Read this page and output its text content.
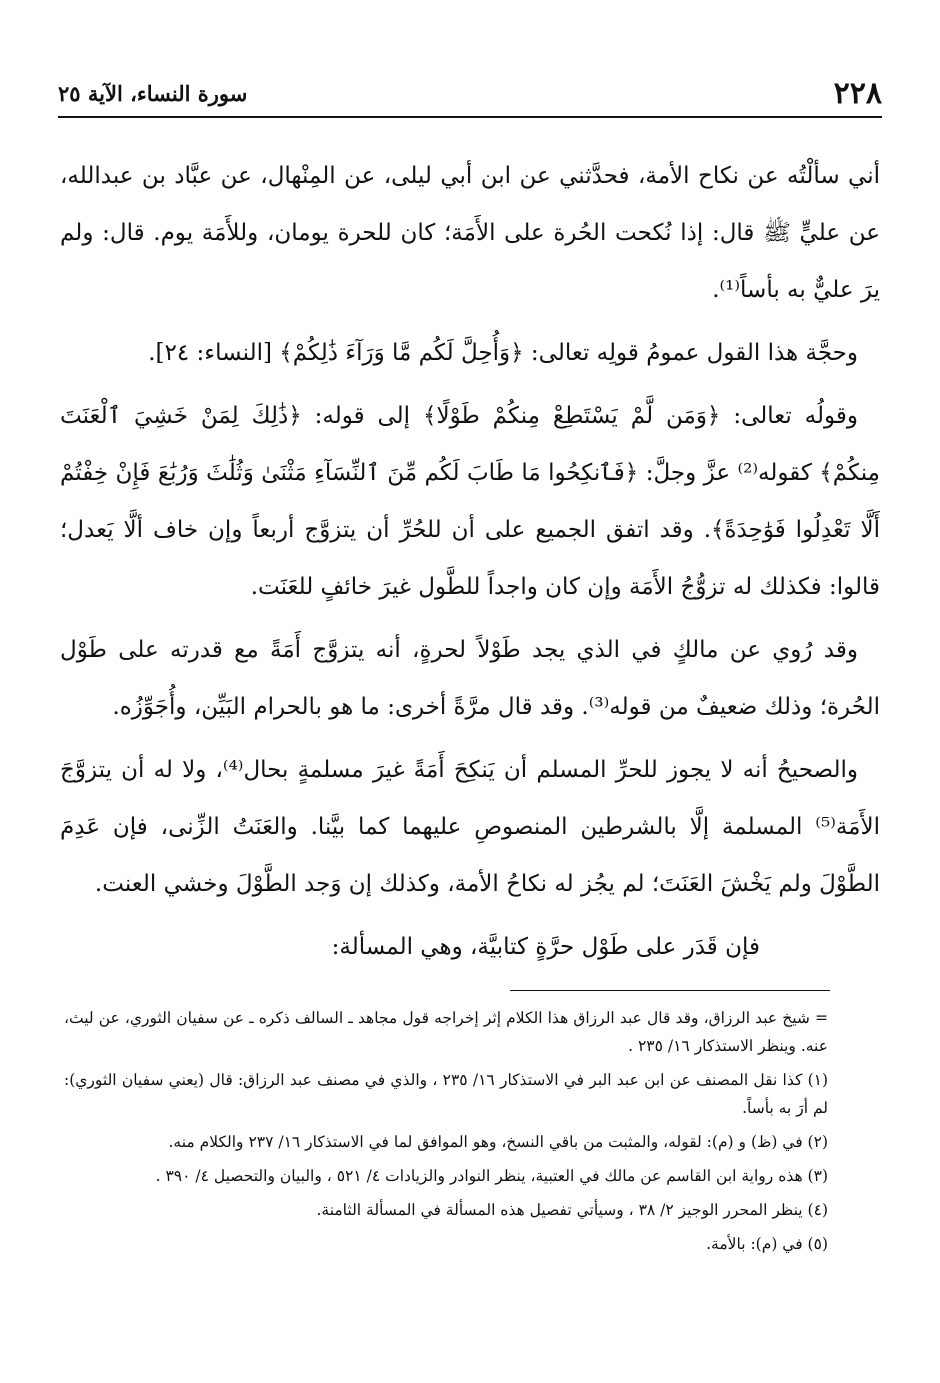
٢٢٨
سورة النساء، الآية ٢٥

أني سألْتُه عن نكاح الأمة، فحدَّثني عن ابن أبي ليلى، عن المِنْهال، عن عبَّاد بن عبدالله، عن عليٍّ ﷺ قال: إذا نُكحت الحُرة على الأَمَة؛ كان للحرة يومان، وللأَمَة يوم. قال: ولم يرَ عليٌّ به بأساً⁽¹⁾.

وحجَّة هذا القول عمومُ قولِه تعالى: ﴿وَأُحِلَّ لَكُم مَّا وَرَآءَ ذَٰلِكُمْ﴾ [النساء: ٢٤].

وقولُه تعالى: ﴿وَمَن لَّمْ يَسْتَطِعْ مِنكُمْ طَوْلًا﴾ إلى قوله: ﴿ذَٰلِكَ لِمَنْ خَشِيَ ٱلْعَنَتَ مِنكُمْ﴾ كقوله⁽²⁾ عزَّ وجلَّ: ﴿فَٱنكِحُوا مَا طَابَ لَكُم مِّنَ ٱلنِّسَآءِ مَثْنَىٰ وَثُلَٰثَ وَرُبَٰعَ فَإِنْ خِفْتُمْ أَلَّا تَعْدِلُوا فَوَٰحِدَةً﴾. وقد اتفق الجميع على أن للحُرِّ أن يتزوَّج أربعاً وإن خاف ألَّا يَعدل؛ قالوا: فكذلك له تزوُّجُ الأَمَة وإن كان واجداً للطَّول غيرَ خائفٍ للعَنَت.

وقد رُوي عن مالكٍ في الذي يجد طَوْلاً لحرةٍ، أنه يتزوَّج أَمَةً مع قدرته على طَوْل الحُرة؛ وذلك ضعيفٌ من قوله⁽³⁾. وقد قال مرَّةً أخرى: ما هو بالحرام البَيِّن، وأُجَوِّزُه.

والصحيحُ أنه لا يجوز للحرِّ المسلم أن يَنكِحَ أَمَةً غيرَ مسلمةٍ بحال⁽⁴⁾، ولا له أن يتزوَّجَ الأَمَة⁽⁵⁾ المسلمة إلَّا بالشرطين المنصوصِ عليهما كما بيَّنا. والعَنَتُ الزِّنى، فإن عَدِمَ الطَّوْلَ ولم يَخْشَ العَنَتَ؛ لم يجُز له نكاحُ الأمة، وكذلك إن وَجد الطَّوْلَ وخشي العنت.

فإن قَدَر على طَوْل حرَّةٍ كتابيَّة، وهي المسألة:

= شيخ عبد الرزاق، وقد قال عبد الرزاق هذا الكلام إثر إخراجه قول مجاهد ـ السالف ذكره ـ عن سفيان الثوري، عن ليث، عنه. وينظر الاستذكار ١٦/ ٢٣٥ .

(١) كذا نقل المصنف عن ابن عبد البر في الاستذكار ١٦/ ٢٣٥ ، والذي في مصنف عبد الرزاق: قال (يعني سفيان الثوري): لم أرَ به بأساً.

(٢) في (ظ) و (م): لقوله، والمثبت من باقي النسخ، وهو الموافق لما في الاستذكار ١٦/ ٢٣٧ والكلام منه.

(٣) هذه رواية ابن القاسم عن مالك في العتبية، ينظر النوادر والزيادات ٤/ ٥٢١ ، والبيان والتحصيل ٤/ ٣٩٠ .

(٤) ينظر المحرر الوجيز ٢/ ٣٨ ، وسيأتي تفصيل هذه المسألة في المسألة الثامنة.

(٥) في (م): بالأمة.
